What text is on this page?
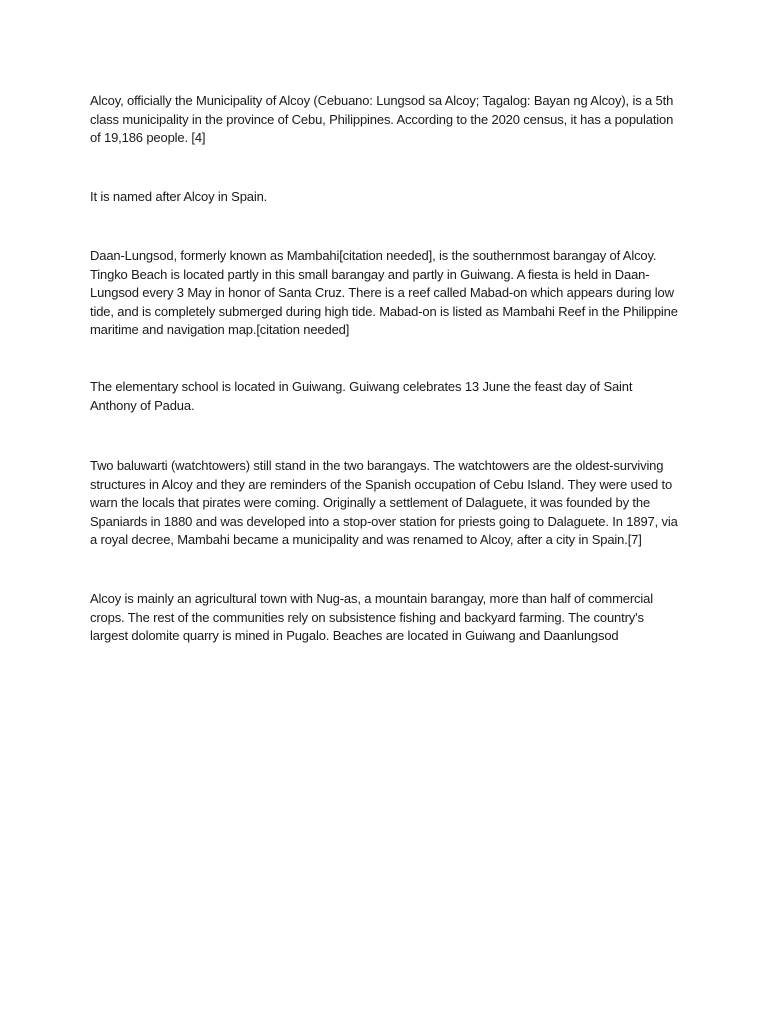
Alcoy, officially the Municipality of Alcoy (Cebuano: Lungsod sa Alcoy; Tagalog: Bayan ng Alcoy), is a 5th class municipality in the province of Cebu, Philippines. According to the 2020 census, it has a population of 19,186 people. [4]

It is named after Alcoy in Spain.

Daan-Lungsod, formerly known as Mambahi[citation needed], is the southernmost barangay of Alcoy. Tingko Beach is located partly in this small barangay and partly in Guiwang. A fiesta is held in Daan-Lungsod every 3 May in honor of Santa Cruz. There is a reef called Mabad-on which appears during low tide, and is completely submerged during high tide. Mabad-on is listed as Mambahi Reef in the Philippine maritime and navigation map.[citation needed]

The elementary school is located in Guiwang. Guiwang celebrates 13 June the feast day of Saint Anthony of Padua.

Two baluwarti (watchtowers) still stand in the two barangays. The watchtowers are the oldest-surviving structures in Alcoy and they are reminders of the Spanish occupation of Cebu Island. They were used to warn the locals that pirates were coming. Originally a settlement of Dalaguete, it was founded by the Spaniards in 1880 and was developed into a stop-over station for priests going to Dalaguete. In 1897, via a royal decree, Mambahi became a municipality and was renamed to Alcoy, after a city in Spain.[7]

Alcoy is mainly an agricultural town with Nug-as, a mountain barangay, more than half of commercial crops. The rest of the communities rely on subsistence fishing and backyard farming. The country's largest dolomite quarry is mined in Pugalo. Beaches are located in Guiwang and Daanlungsod
